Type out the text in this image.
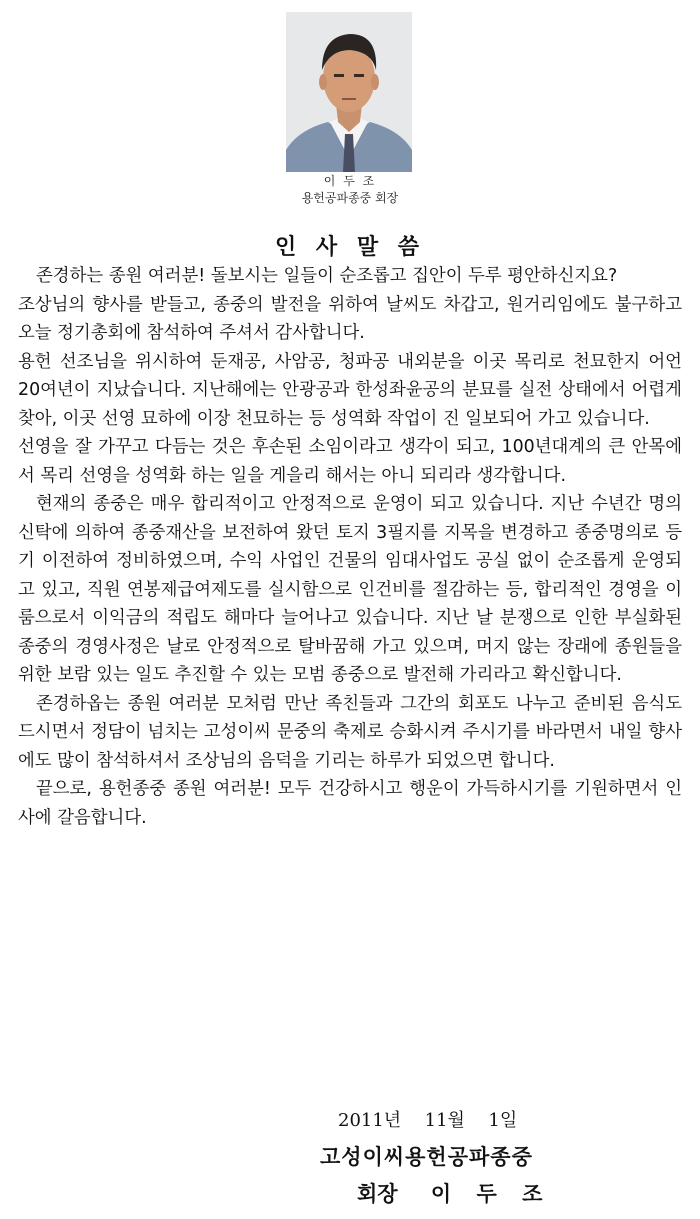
이 두 조
용헌공파종중 회장
인 사 말 씀

존경하는 종원 여러분! 돌보시는 일들이 순조롭고 집안이 두루 평안하신지요?

조상님의 향사를 받들고, 종중의 발전을 위하여 날씨도 차갑고, 원거리임에도 불구하고 오늘 정기총회에 참석하여 주셔서 감사합니다.

용헌 선조님을 위시하여 둔재공, 사암공, 청파공 내외분을 이곳 목리로 천묘한지 어언 20여년이 지났습니다. 지난해에는 안광공과 한성좌윤공의 분묘를 실전 상태에서 어렵게 찾아, 이곳 선영 묘하에 이장 천묘하는 등 성역화 작업이 진 일보되어 가고 있습니다.

선영을 잘 가꾸고 다듬는 것은 후손된 소임이라고 생각이 되고, 100년대계의 큰 안목에서 목리 선영을 성역화 하는 일을 게을리 해서는 아니 되리라 생각합니다.

현재의 종중은 매우 합리적이고 안정적으로 운영이 되고 있습니다. 지난 수년간 명의신탁에 의하여 종중재산을 보전하여 왔던 토지 3필지를 지목을 변경하고 종중명의로 등기 이전하여 정비하였으며, 수익 사업인 건물의 임대사업도 공실 없이 순조롭게 운영되고 있고, 직원 연봉제급여제도를 실시함으로 인건비를 절감하는 등, 합리적인 경영을 이룸으로서 이익금의 적립도 해마다 늘어나고 있습니다. 지난 날 분쟁으로 인한 부실화된 종중의 경영사정은 날로 안정적으로 탈바꿈해 가고 있으며, 머지 않는 장래에 종원들을 위한 보람 있는 일도 추진할 수 있는 모범 종중으로 발전해 가리라고 확신합니다.

존경하옵는 종원 여러분 모처럼 만난 족친들과 그간의 회포도 나누고 준비된 음식도 드시면서 정담이 넘치는 고성이씨 문중의 축제로 승화시켜 주시기를 바라면서 내일 향사에도 많이 참석하셔서 조상님의 음덕을 기리는 하루가 되었으면 합니다.

끝으로, 용헌종중 종원 여러분! 모두 건강하시고 행운이 가득하시기를 기원하면서 인사에 갈음합니다.

2011년  11월  1일
고성이씨용헌공파종중
회장 이 두 조
